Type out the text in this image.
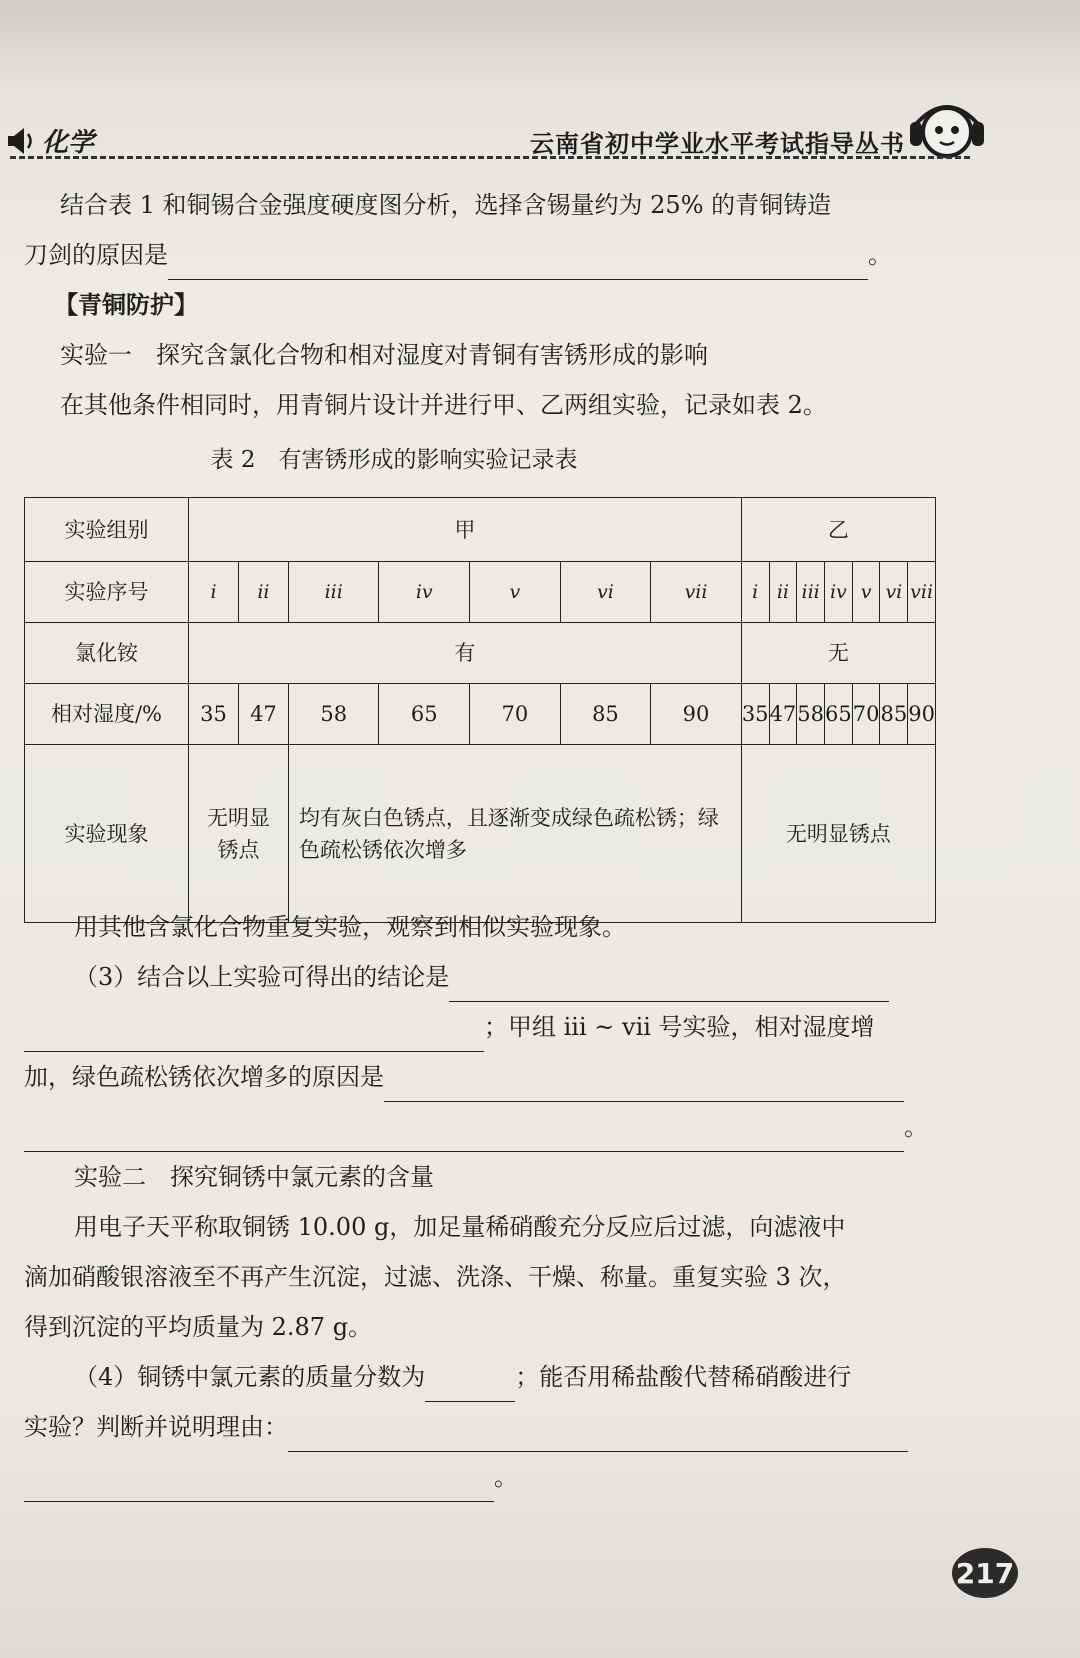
化学	云南省初中学业水平考试指导丛书
结合表 1 和铜锡合金强度硬度图分析，选择含锡量约为 25% 的青铜铸造
刀剑的原因是	。
【青铜防护】
实验一　探究含氯化合物和相对湿度对青铜有害锈形成的影响
在其他条件相同时，用青铜片设计并进行甲、乙两组实验，记录如表 2。
表 2　有害锈形成的影响实验记录表
实验组别	甲							乙						
实验序号	i	ii	iii	iv	v	vi	vii	i	ii	iii	iv	v	vi	vii
氯化铵	有							无						
相对湿度/%	35	47	58	65	70	85	90	35	47	58	65	70	85	90
实验现象	无明显锈点		均有灰白色锈点，且逐渐变成绿色疏松锈；绿色疏松锈依次增多					无明显锈点						
用其他含氯化合物重复实验，观察到相似实验现象。
（3）结合以上实验可得出的结论是
；甲组 iii ~ vii 号实验，相对湿度增
加，绿色疏松锈依次增多的原因是
。
实验二　探究铜锈中氯元素的含量
用电子天平称取铜锈 10.00 g，加足量稀硝酸充分反应后过滤，向滤液中
滴加硝酸银溶液至不再产生沉淀，过滤、洗涤、干燥、称量。重复实验 3 次，
得到沉淀的平均质量为 2.87 g。
（4）铜锈中氯元素的质量分数为	；能否用稀盐酸代替稀硝酸进行
实验？判断并说明理由：
。
217
